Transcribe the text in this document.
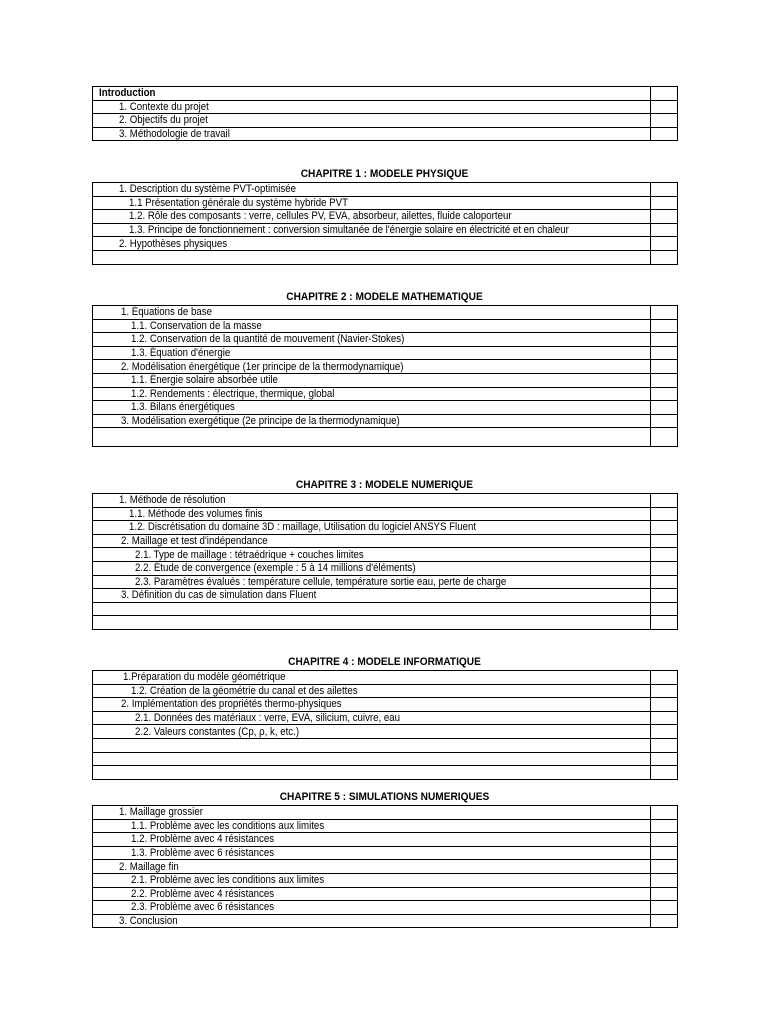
Introduction	
1. Contexte du projet	
2. Objectifs du projet	
3. Méthodologie de travail	
CHAPITRE 1 : MODELE PHYSIQUE
1. Description du système PVT-optimisée	
1.1 Présentation générale du système hybride PVT	
1.2. Rôle des composants : verre, cellules PV, EVA, absorbeur, ailettes, fluide caloporteur	
1.3. Principe de fonctionnement : conversion simultanée de l'énergie solaire en électricité et en chaleur	
2. Hypothèses physiques	

CHAPITRE 2 : MODELE MATHEMATIQUE
1. Équations de base	
1.1. Conservation de la masse	
1.2. Conservation de la quantité de mouvement (Navier-Stokes)	
1.3. Équation d'énergie	
2. Modélisation énergétique (1er principe de la thermodynamique)	
1.1. Énergie solaire absorbée utile	
1.2. Rendements : électrique, thermique, global	
1.3. Bilans énergétiques	
3. Modélisation exergétique (2e principe de la thermodynamique)	

CHAPITRE 3 : MODELE NUMERIQUE
1. Méthode de résolution	
1.1. Méthode des volumes finis	
1.2. Discrétisation du domaine 3D : maillage, Utilisation du logiciel ANSYS Fluent	
2. Maillage et test d'indépendance	
2.1. Type de maillage : tétraédrique + couches limites	
2.2. Étude de convergence (exemple : 5 à 14 millions d'éléments)	
2.3. Paramètres évalués : température cellule, température sortie eau, perte de charge	
3. Définition du cas de simulation dans Fluent	

CHAPITRE 4 : MODELE INFORMATIQUE
1.Préparation du modèle géométrique	
1.2. Création de la géométrie du canal et des ailettes	
2. Implémentation des propriétés thermo-physiques	
2.1. Données des matériaux : verre, EVA, silicium, cuivre, eau	
2.2. Valeurs constantes (Cp, ρ, k, etc.)	

CHAPITRE 5 : SIMULATIONS NUMERIQUES
1. Maillage grossier	
1.1. Problème avec les conditions aux limites	
1.2. Problème avec 4 résistances	
1.3. Problème avec 6 résistances	
2. Maillage fin	
2.1. Problème avec les conditions aux limites	
2.2. Problème avec 4 résistances	
2.3. Problème avec 6 résistances	
3. Conclusion	
